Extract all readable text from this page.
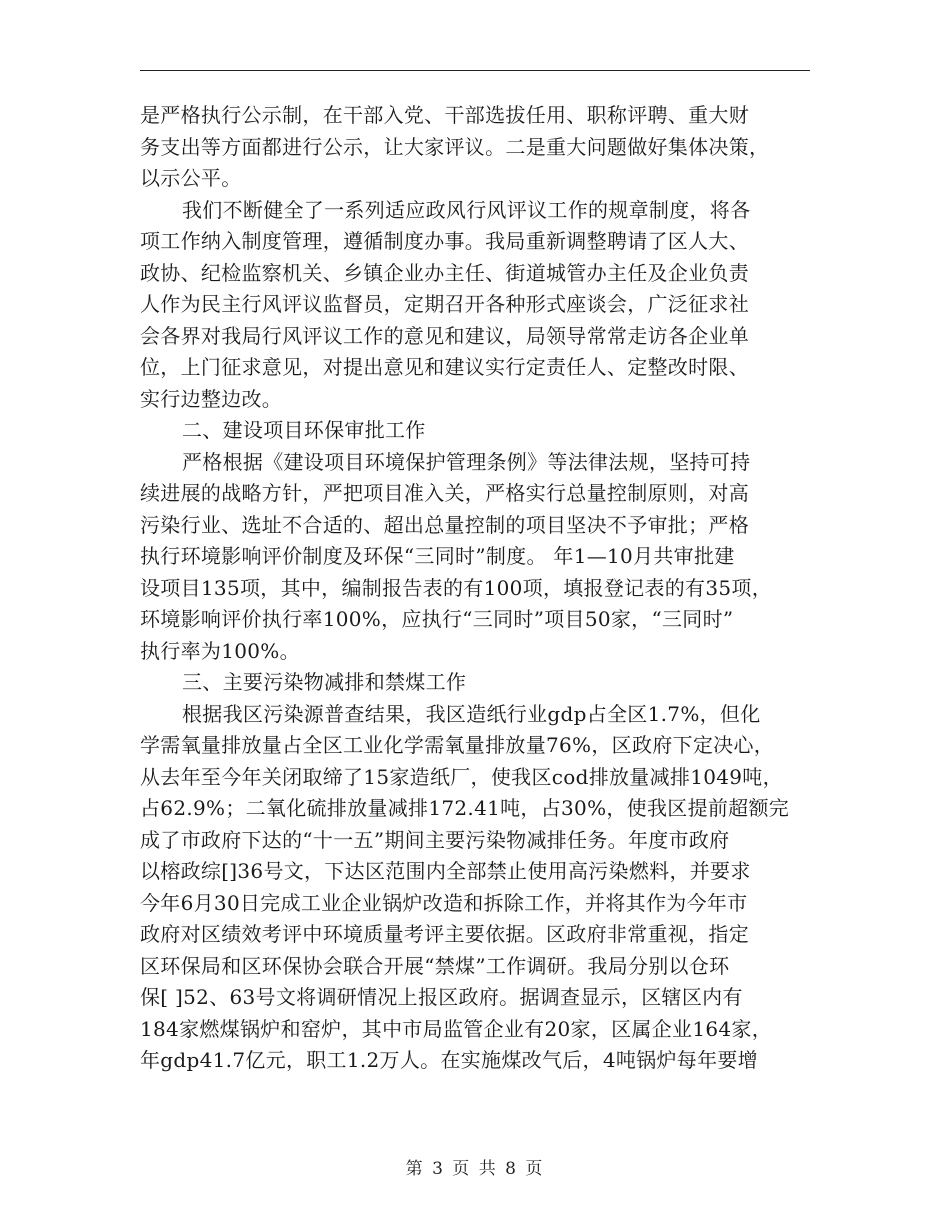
是严格执行公示制，在干部入党、干部选拔任用、职称评聘、重大财
务支出等方面都进行公示，让大家评议。二是重大问题做好集体决策，
以示公平。
我们不断健全了一系列适应政风行风评议工作的规章制度，将各
项工作纳入制度管理，遵循制度办事。我局重新调整聘请了区人大、
政协、纪检监察机关、乡镇企业办主任、街道城管办主任及企业负责
人作为民主行风评议监督员，定期召开各种形式座谈会，广泛征求社
会各界对我局行风评议工作的意见和建议，局领导常常走访各企业单
位，上门征求意见，对提出意见和建议实行定责任人、定整改时限、
实行边整边改。
二、建设项目环保审批工作
严格根据《建设项目环境保护管理条例》等法律法规，坚持可持
续进展的战略方针，严把项目准入关，严格实行总量控制原则，对高
污染行业、选址不合适的、超出总量控制的项目坚决不予审批；严格
执行环境影响评价制度及环保“三同时”制度。 年1—10月共审批建
设项目135项，其中，编制报告表的有100项，填报登记表的有35项，
环境影响评价执行率100%，应执行“三同时”项目50家，“三同时”
执行率为100%。
三、主要污染物减排和禁煤工作
根据我区污染源普查结果，我区造纸行业gdp占全区1.7%，但化
学需氧量排放量占全区工业化学需氧量排放量76%，区政府下定决心，
从去年至今年关闭取缔了15家造纸厂，使我区cod排放量减排1049吨，
占62.9%；二氧化硫排放量减排172.41吨，占30%，使我区提前超额完
成了市政府下达的“十一五”期间主要污染物减排任务。年度市政府
以榕政综[]36号文，下达区范围内全部禁止使用高污染燃料，并要求
今年6月30日完成工业企业锅炉改造和拆除工作，并将其作为今年市
政府对区绩效考评中环境质量考评主要依据。区政府非常重视，指定
区环保局和区环保协会联合开展“禁煤”工作调研。我局分别以仓环
保[ ]52、63号文将调研情况上报区政府。据调查显示，区辖区内有
184家燃煤锅炉和窑炉，其中市局监管企业有20家，区属企业164家，
年gdp41.7亿元，职工1.2万人。在实施煤改气后，4吨锅炉每年要增
第 3 页 共 8 页
